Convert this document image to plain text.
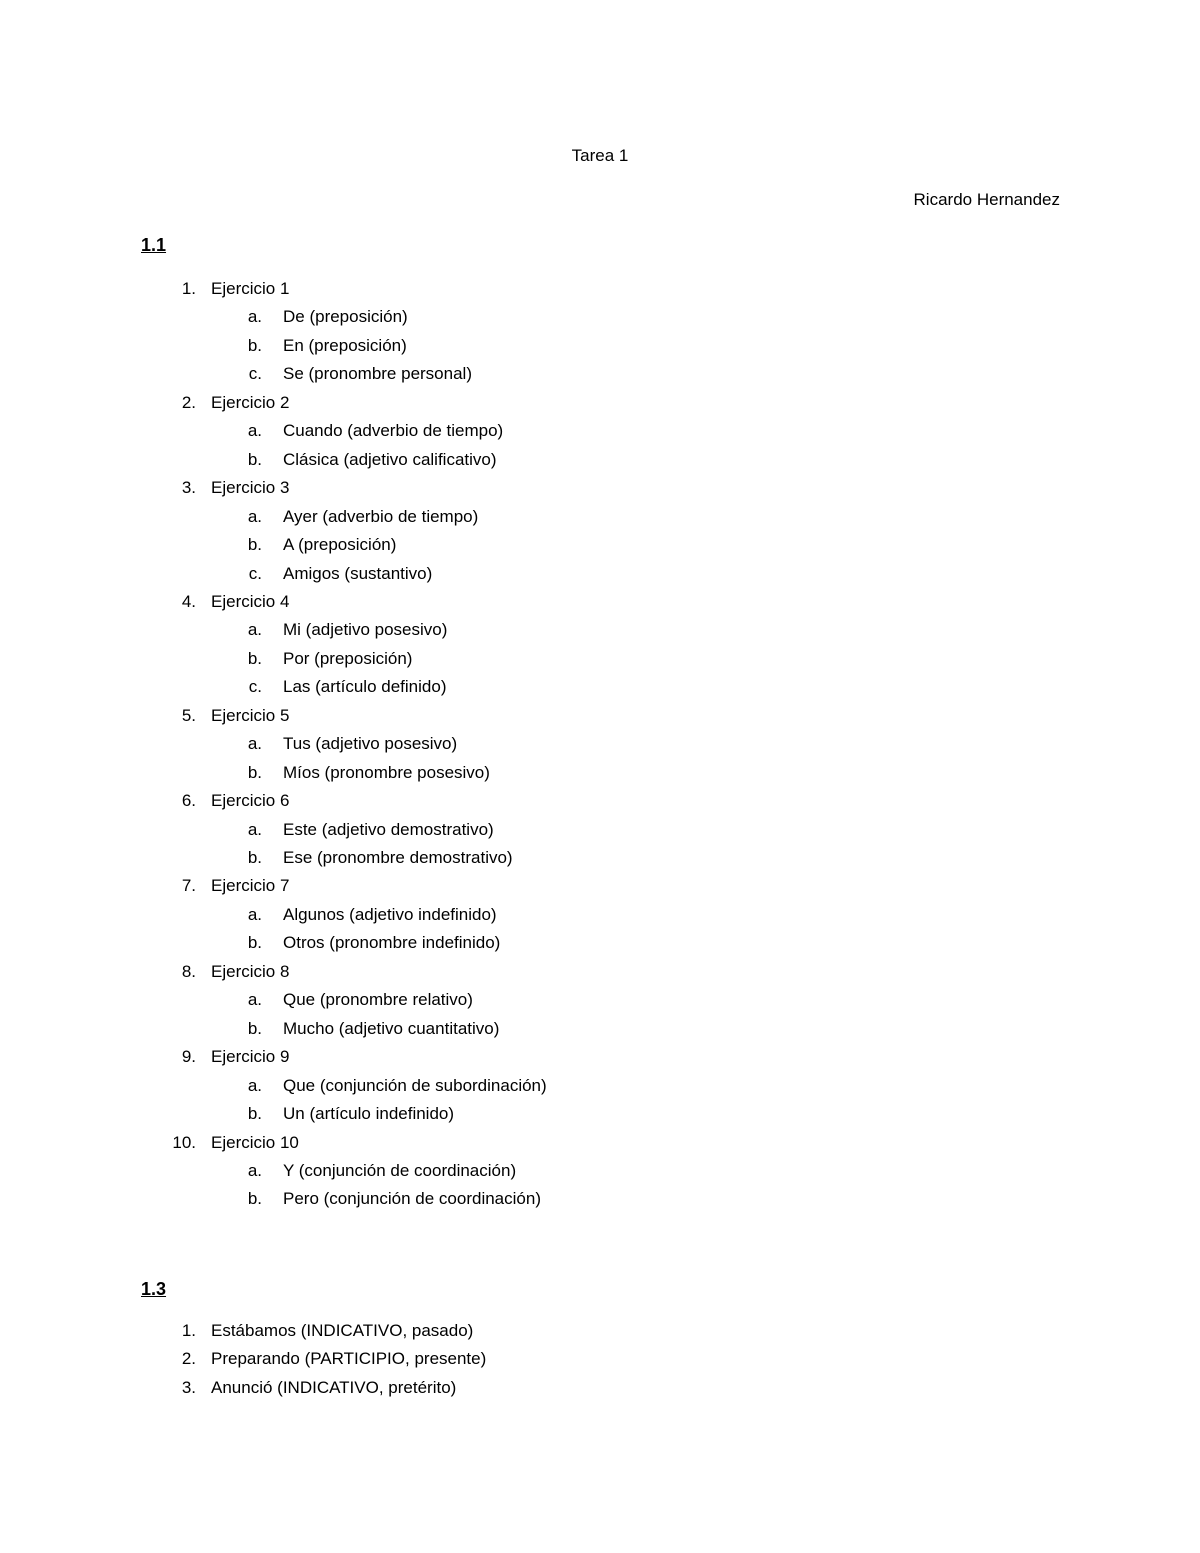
Tarea 1
Ricardo Hernandez
1.1
1. Ejercicio 1
a. De (preposición)
b. En (preposición)
c. Se (pronombre personal)
2. Ejercicio 2
a. Cuando (adverbio de tiempo)
b. Clásica (adjetivo calificativo)
3. Ejercicio 3
a. Ayer (adverbio de tiempo)
b. A (preposición)
c. Amigos (sustantivo)
4. Ejercicio 4
a. Mi (adjetivo posesivo)
b. Por (preposición)
c. Las (artículo definido)
5. Ejercicio 5
a. Tus (adjetivo posesivo)
b. Míos (pronombre posesivo)
6. Ejercicio 6
a. Este (adjetivo demostrativo)
b. Ese (pronombre demostrativo)
7. Ejercicio 7
a. Algunos (adjetivo indefinido)
b. Otros (pronombre indefinido)
8. Ejercicio 8
a. Que (pronombre relativo)
b. Mucho (adjetivo cuantitativo)
9. Ejercicio 9
a. Que (conjunción de subordinación)
b. Un (artículo indefinido)
10. Ejercicio 10
a. Y (conjunción de coordinación)
b. Pero (conjunción de coordinación)
1.3
1. Estábamos (INDICATIVO, pasado)
2. Preparando (PARTICIPIO, presente)
3. Anunció (INDICATIVO, pretérito)
